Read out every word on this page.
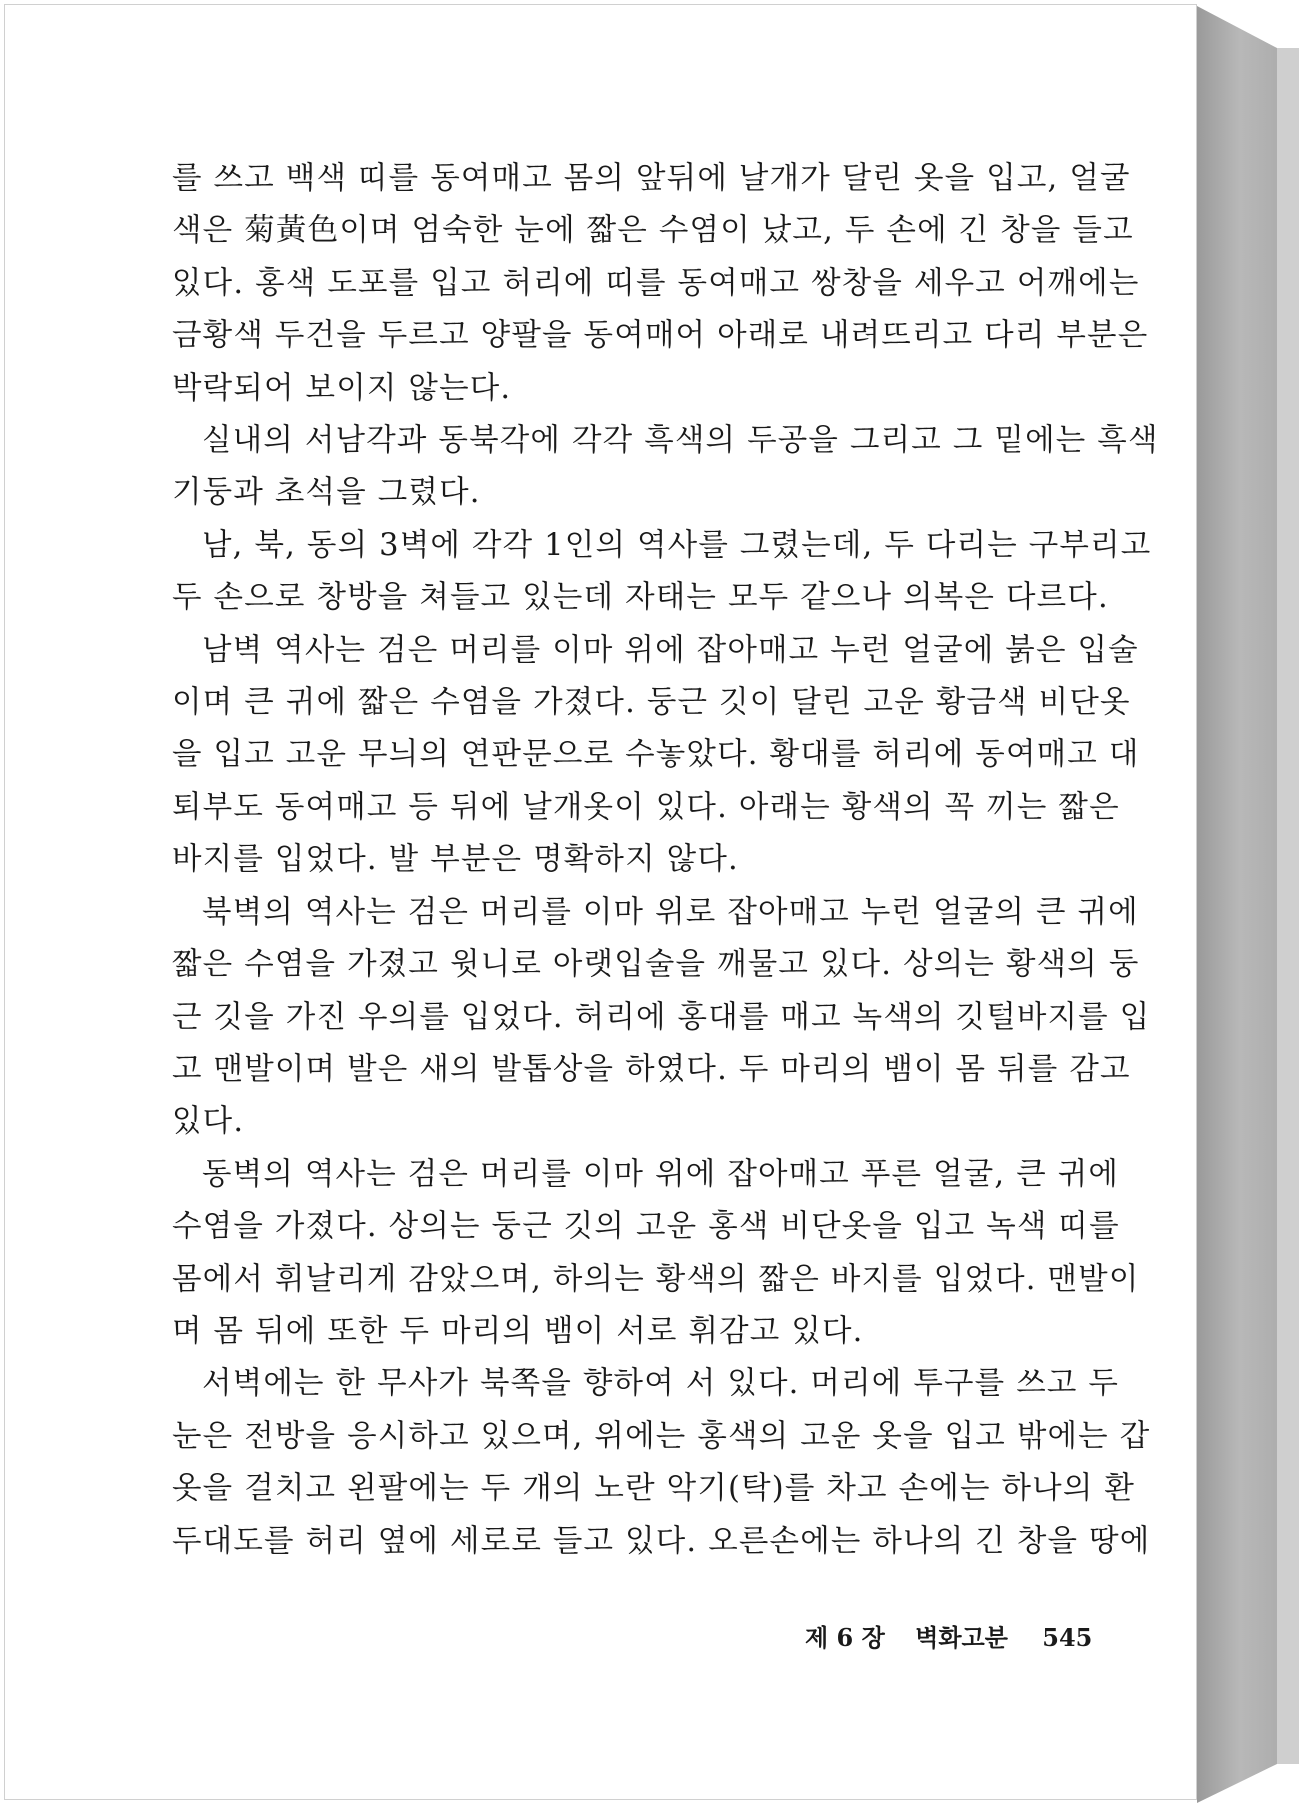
를 쓰고 백색 띠를 동여매고 몸의 앞뒤에 날개가 달린 옷을 입고, 얼굴
색은 菊黃色이며 엄숙한 눈에 짧은 수염이 났고, 두 손에 긴 창을 들고
있다. 홍색 도포를 입고 허리에 띠를 동여매고 쌍창을 세우고 어깨에는
금황색 두건을 두르고 양팔을 동여매어 아래로 내려뜨리고 다리 부분은
박락되어 보이지 않는다.
실내의 서남각과 동북각에 각각 흑색의 두공을 그리고 그 밑에는 흑색
기둥과 초석을 그렸다.
남, 북, 동의 3벽에 각각 1인의 역사를 그렸는데, 두 다리는 구부리고
두 손으로 창방을 쳐들고 있는데 자태는 모두 같으나 의복은 다르다.
남벽 역사는 검은 머리를 이마 위에 잡아매고 누런 얼굴에 붉은 입술
이며 큰 귀에 짧은 수염을 가졌다. 둥근 깃이 달린 고운 황금색 비단옷
을 입고 고운 무늬의 연판문으로 수놓았다. 황대를 허리에 동여매고 대
퇴부도 동여매고 등 뒤에 날개옷이 있다. 아래는 황색의 꼭 끼는 짧은
바지를 입었다. 발 부분은 명확하지 않다.
북벽의 역사는 검은 머리를 이마 위로 잡아매고 누런 얼굴의 큰 귀에
짧은 수염을 가졌고 윗니로 아랫입술을 깨물고 있다. 상의는 황색의 둥
근 깃을 가진 우의를 입었다. 허리에 홍대를 매고 녹색의 깃털바지를 입
고 맨발이며 발은 새의 발톱상을 하였다. 두 마리의 뱀이 몸 뒤를 감고
있다.
동벽의 역사는 검은 머리를 이마 위에 잡아매고 푸른 얼굴, 큰 귀에
수염을 가졌다. 상의는 둥근 깃의 고운 홍색 비단옷을 입고 녹색 띠를
몸에서 휘날리게 감았으며, 하의는 황색의 짧은 바지를 입었다. 맨발이
며 몸 뒤에 또한 두 마리의 뱀이 서로 휘감고 있다.
서벽에는 한 무사가 북쪽을 향하여 서 있다. 머리에 투구를 쓰고 두
눈은 전방을 응시하고 있으며, 위에는 홍색의 고운 옷을 입고 밖에는 갑
옷을 걸치고 왼팔에는 두 개의 노란 악기(탁)를 차고 손에는 하나의 환
두대도를 허리 옆에 세로로 들고 있다. 오른손에는 하나의 긴 창을 땅에
제 6 장 벽화고분 545
